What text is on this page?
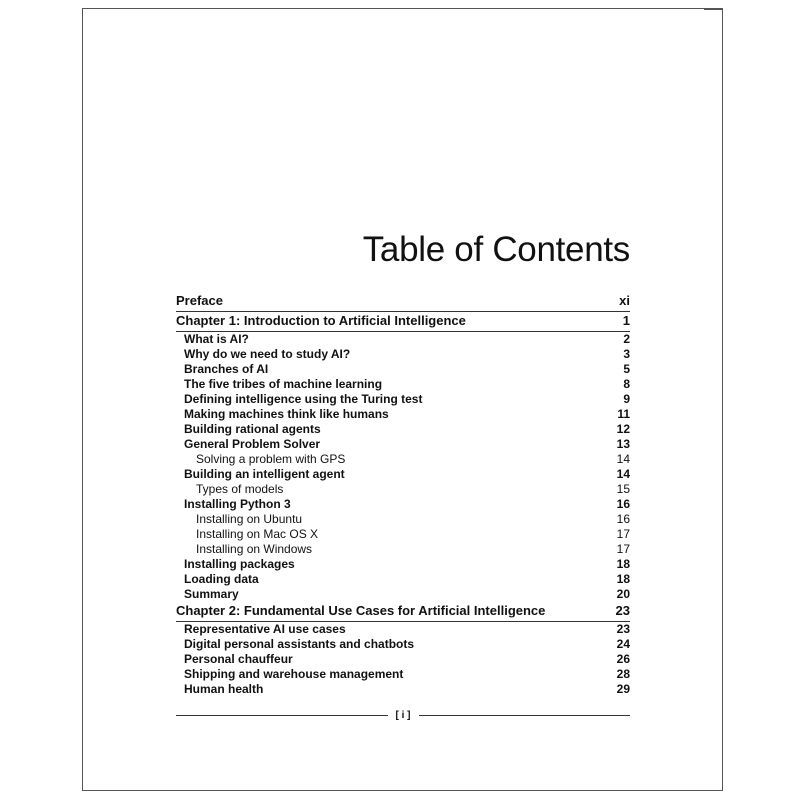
Table of Contents
Preface	xi
Chapter 1: Introduction to Artificial Intelligence	1
What is AI?	2
Why do we need to study AI?	3
Branches of AI	5
The five tribes of machine learning	8
Defining intelligence using the Turing test	9
Making machines think like humans	11
Building rational agents	12
General Problem Solver	13
Solving a problem with GPS	14
Building an intelligent agent	14
Types of models	15
Installing Python 3	16
Installing on Ubuntu	16
Installing on Mac OS X	17
Installing on Windows	17
Installing packages	18
Loading data	18
Summary	20
Chapter 2: Fundamental Use Cases for Artificial Intelligence	23
Representative AI use cases	23
Digital personal assistants and chatbots	24
Personal chauffeur	26
Shipping and warehouse management	28
Human health	29
[ i ]
